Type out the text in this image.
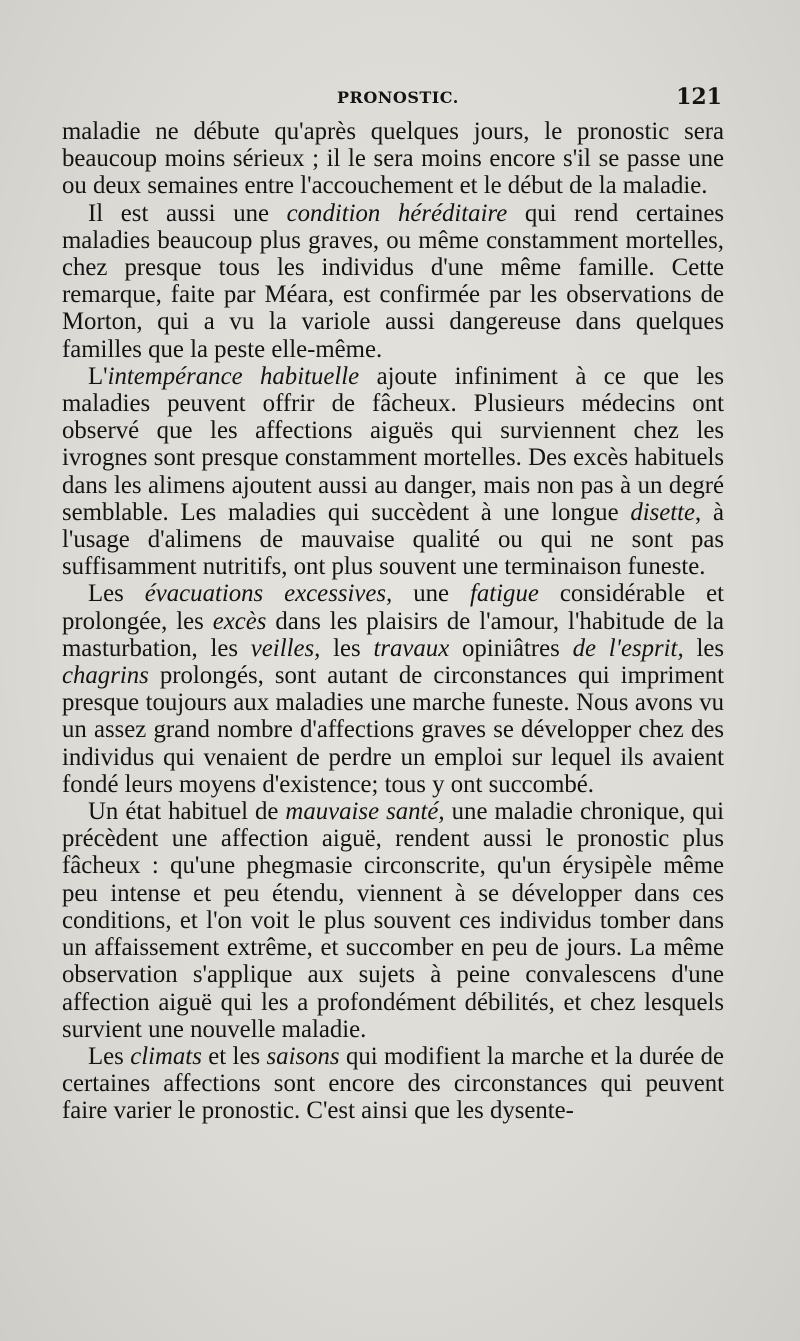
PRONOSTIC.	121

maladie ne débute qu'après quelques jours, le pronostic sera beaucoup moins sérieux ; il le sera moins encore s'il se passe une ou deux semaines entre l'accouchement et le début de la maladie.

Il est aussi une condition héréditaire qui rend certaines maladies beaucoup plus graves, ou même constamment mortelles, chez presque tous les individus d'une même famille. Cette remarque, faite par Méara, est confirmée par les observations de Morton, qui a vu la variole aussi dangereuse dans quelques familles que la peste elle-même.

L'intempérance habituelle ajoute infiniment à ce que les maladies peuvent offrir de fâcheux. Plusieurs médecins ont observé que les affections aiguës qui surviennent chez les ivrognes sont presque constamment mortelles. Des excès habituels dans les alimens ajoutent aussi au danger, mais non pas à un degré semblable. Les maladies qui succèdent à une longue disette, à l'usage d'alimens de mauvaise qualité ou qui ne sont pas suffisamment nutritifs, ont plus souvent une terminaison funeste.

Les évacuations excessives, une fatigue considérable et prolongée, les excès dans les plaisirs de l'amour, l'habitude de la masturbation, les veilles, les travaux opiniâtres de l'esprit, les chagrins prolongés, sont autant de circonstances qui impriment presque toujours aux maladies une marche funeste. Nous avons vu un assez grand nombre d'affections graves se développer chez des individus qui venaient de perdre un emploi sur lequel ils avaient fondé leurs moyens d'existence; tous y ont succombé.

Un état habituel de mauvaise santé, une maladie chronique, qui précèdent une affection aiguë, rendent aussi le pronostic plus fâcheux : qu'une phegmasie circonscrite, qu'un érysipèle même peu intense et peu étendu, viennent à se développer dans ces conditions, et l'on voit le plus souvent ces individus tomber dans un affaissement extrême, et succomber en peu de jours. La même observation s'applique aux sujets à peine convalescens d'une affection aiguë qui les a profondément débilités, et chez lesquels survient une nouvelle maladie.

Les climats et les saisons qui modifient la marche et la durée de certaines affections sont encore des circonstances qui peuvent faire varier le pronostic. C'est ainsi que les dysente-
